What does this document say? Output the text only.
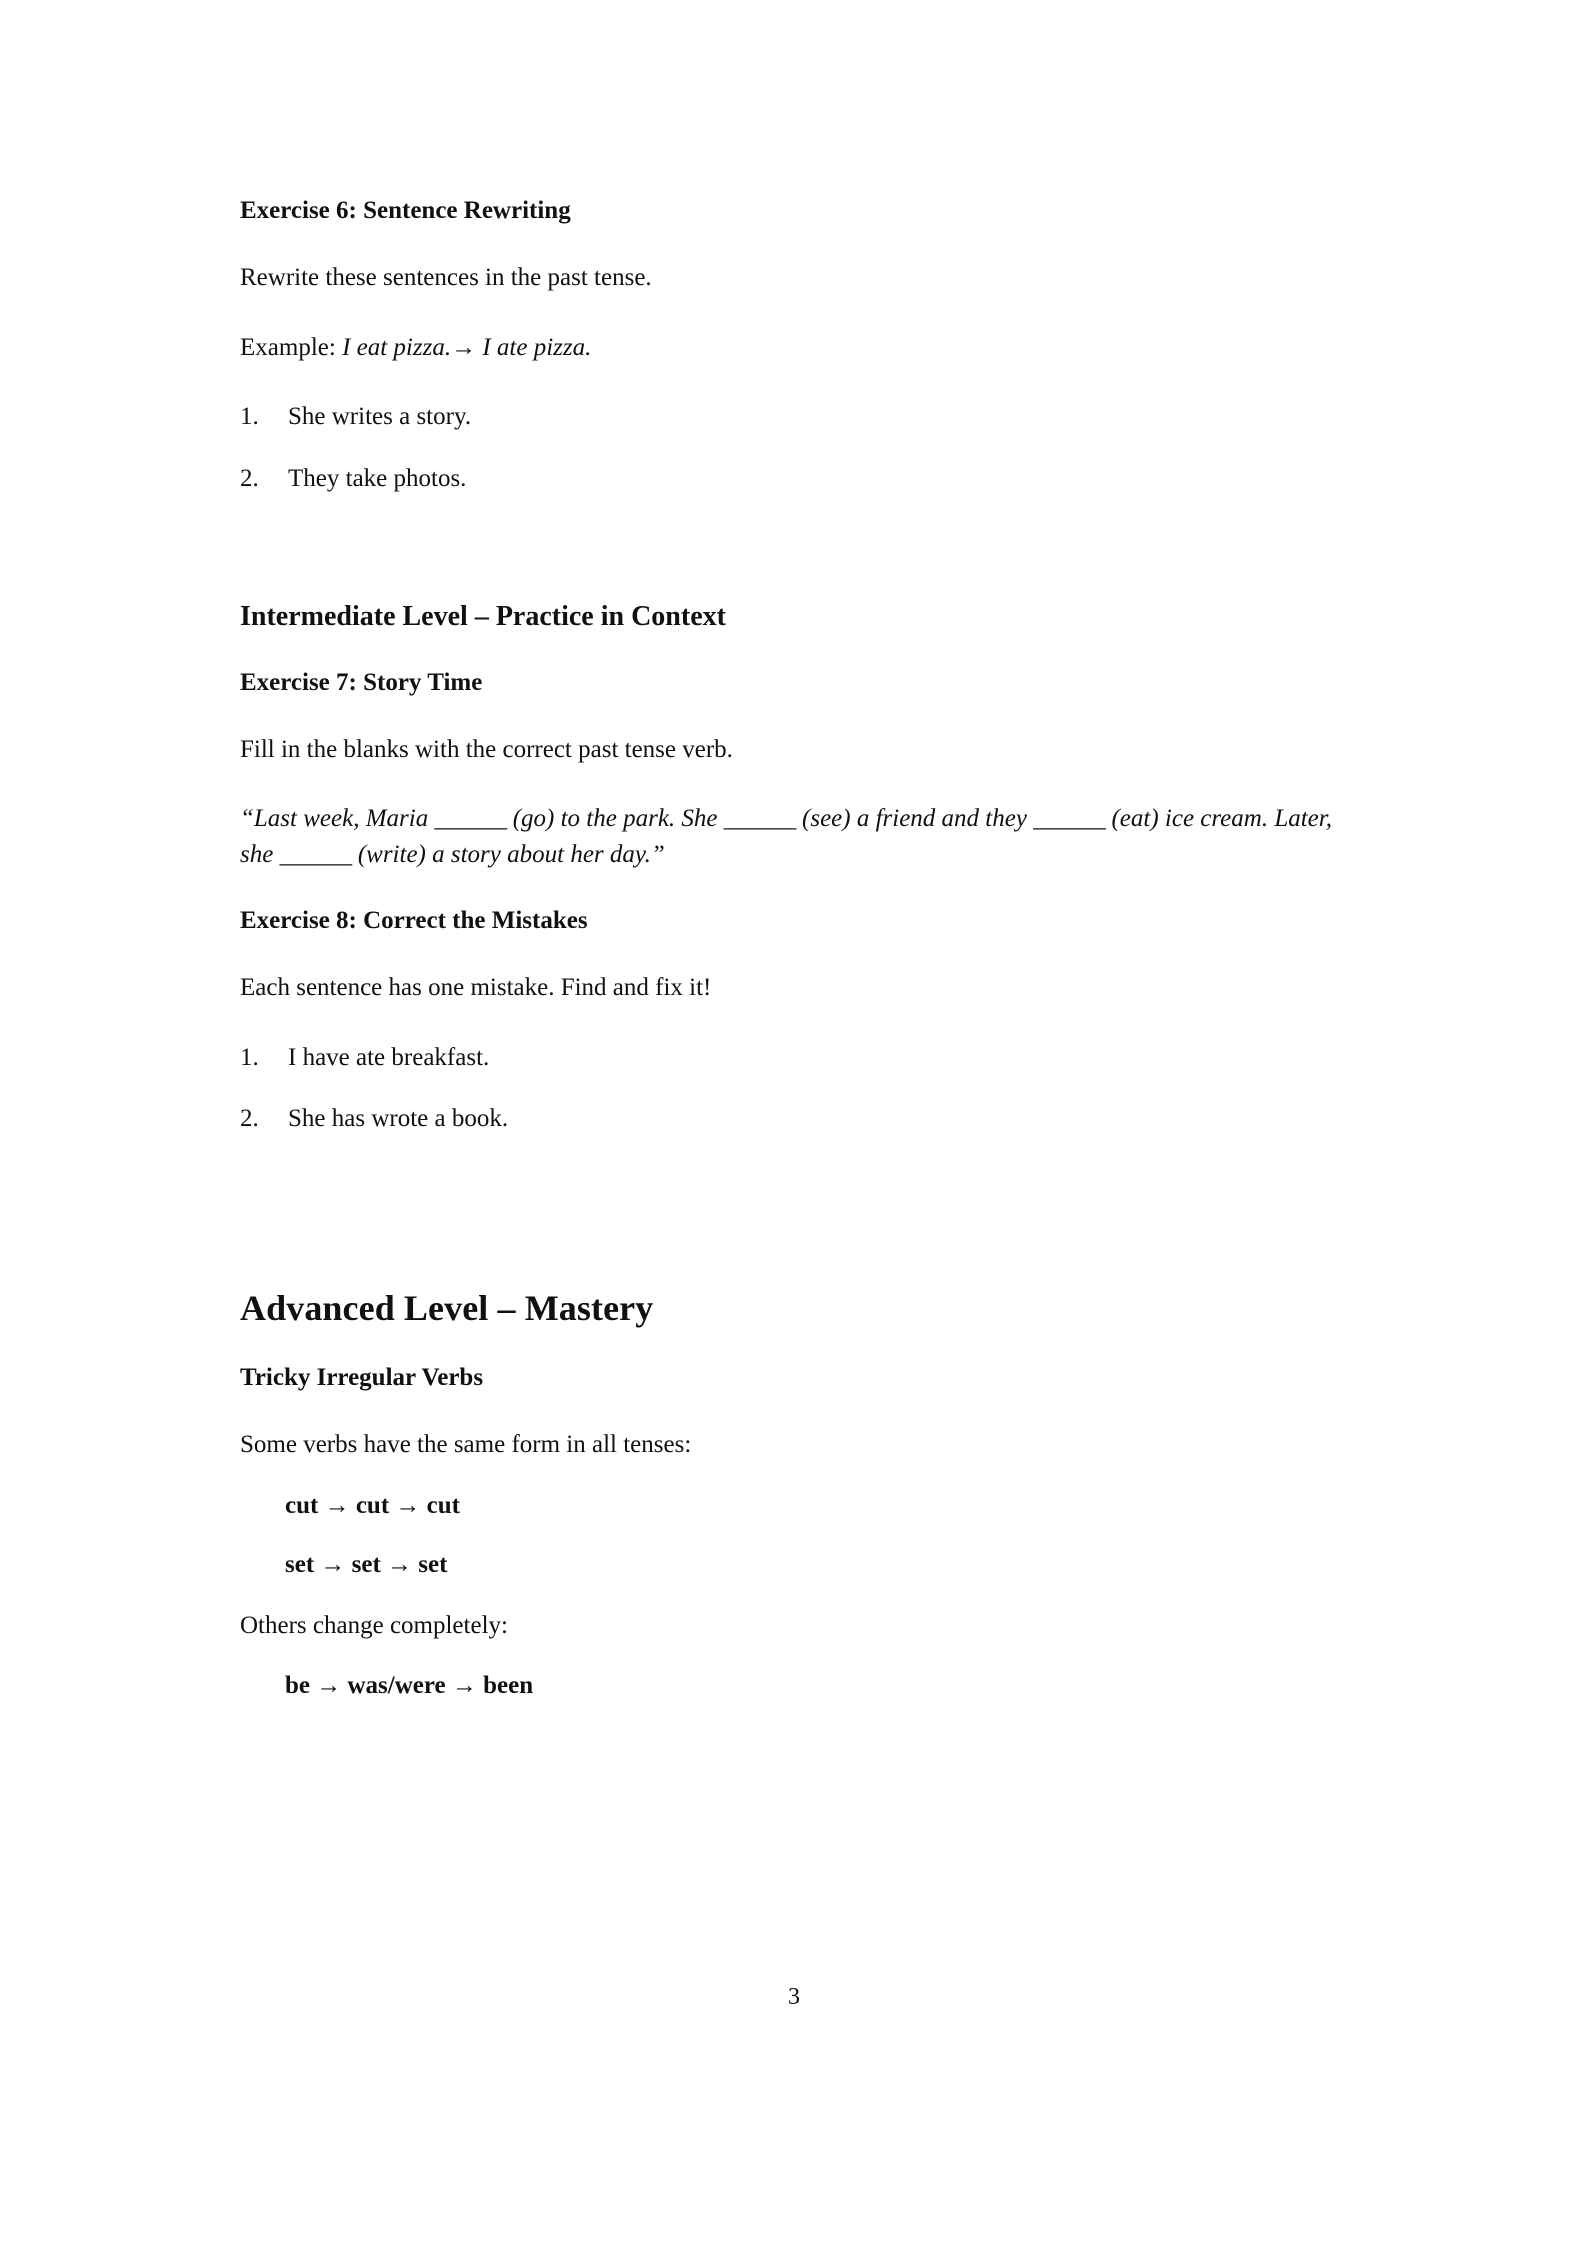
Exercise 6: Sentence Rewriting

Rewrite these sentences in the past tense.

Example: I eat pizza.→ I ate pizza.

1.	She writes a story.
2.	They take photos.
Intermediate Level – Practice in Context
Exercise 7: Story Time

Fill in the blanks with the correct past tense verb.

“Last week, Maria ______ (go) to the park. She ______ (see) a friend and they ______ (eat) ice cream. Later, she ______ (write) a story about her day.”

Exercise 8: Correct the Mistakes

Each sentence has one mistake. Find and fix it!

1.	I have ate breakfast.
2.	She has wrote a book.
Advanced Level – Mastery
Tricky Irregular Verbs

Some verbs have the same form in all tenses:

cut → cut → cut

set → set → set

Others change completely:

be → was/were → been

3
